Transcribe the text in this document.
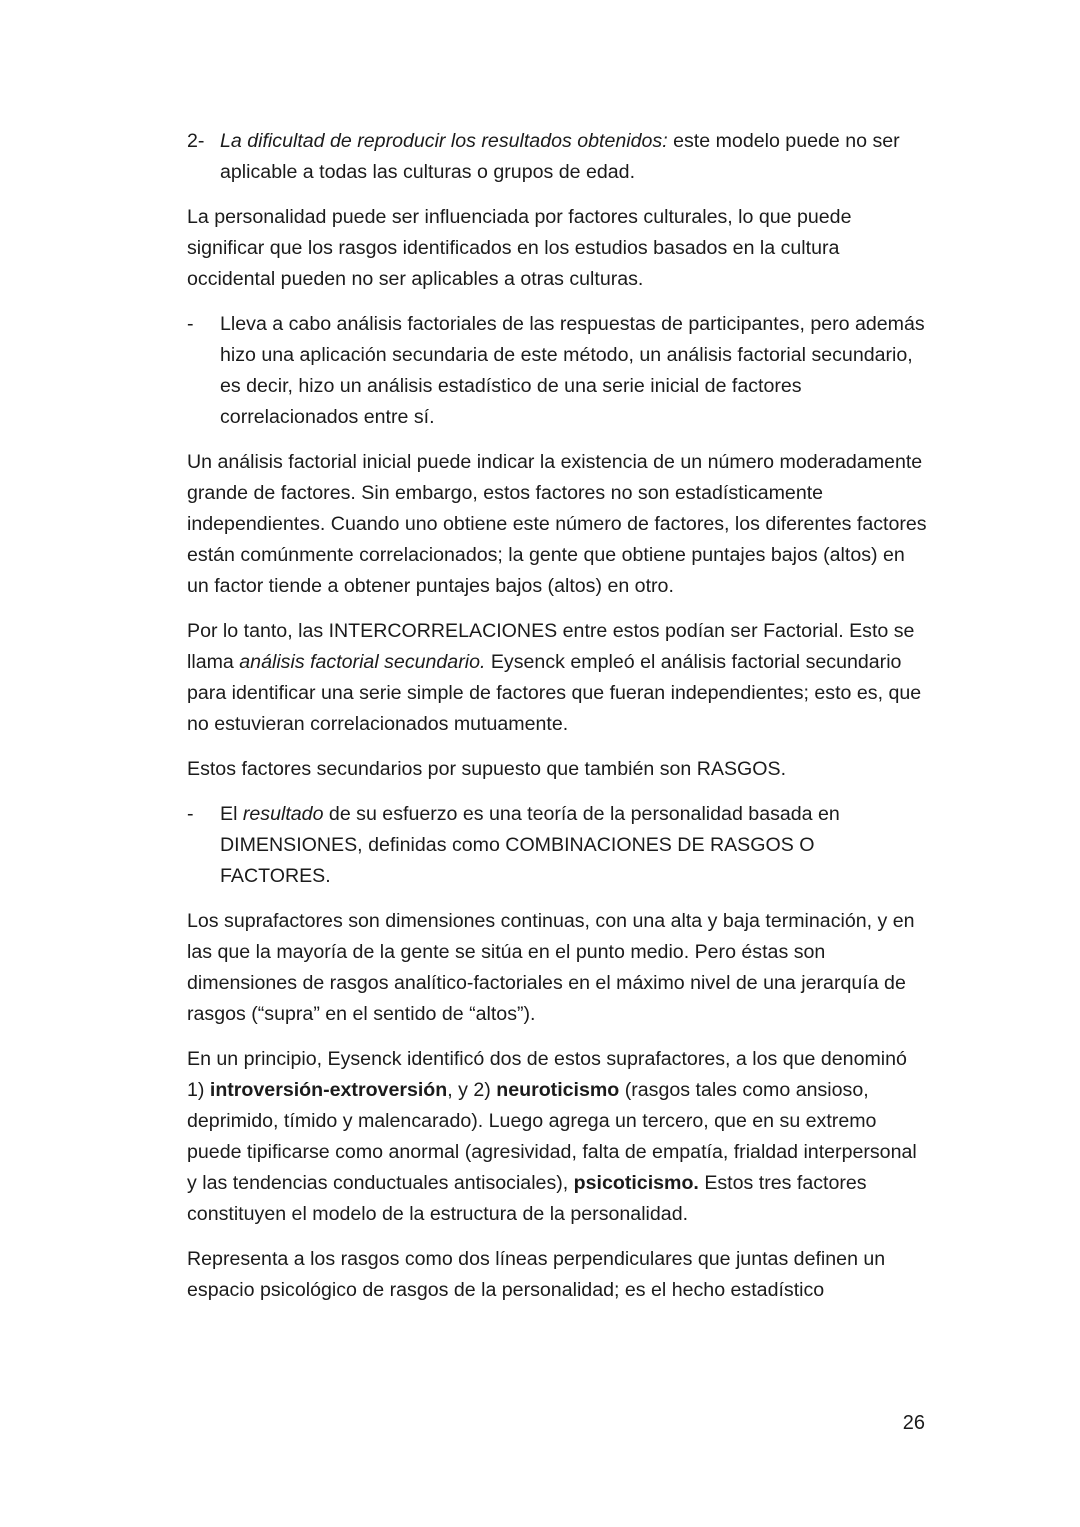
2- La dificultad de reproducir los resultados obtenidos: este modelo puede no ser aplicable a todas las culturas o grupos de edad.

La personalidad puede ser influenciada por factores culturales, lo que puede significar que los rasgos identificados en los estudios basados en la cultura occidental pueden no ser aplicables a otras culturas.

- Lleva a cabo análisis factoriales de las respuestas de participantes, pero además hizo una aplicación secundaria de este método, un análisis factorial secundario, es decir, hizo un análisis estadístico de una serie inicial de factores correlacionados entre sí.

Un análisis factorial inicial puede indicar la existencia de un número moderadamente grande de factores. Sin embargo, estos factores no son estadísticamente independientes. Cuando uno obtiene este número de factores, los diferentes factores están comúnmente correlacionados; la gente que obtiene puntajes bajos (altos) en un factor tiende a obtener puntajes bajos (altos) en otro.

Por lo tanto, las INTERCORRELACIONES entre estos podían ser Factorial. Esto se llama análisis factorial secundario. Eysenck empleó el análisis factorial secundario para identificar una serie simple de factores que fueran independientes; esto es, que no estuvieran correlacionados mutuamente.

Estos factores secundarios por supuesto que también son RASGOS.

- El resultado de su esfuerzo es una teoría de la personalidad basada en DIMENSIONES, definidas como COMBINACIONES DE RASGOS O FACTORES.

Los suprafactores son dimensiones continuas, con una alta y baja terminación, y en las que la mayoría de la gente se sitúa en el punto medio. Pero éstas son dimensiones de rasgos analítico-factoriales en el máximo nivel de una jerarquía de rasgos (“supra” en el sentido de “altos”).

En un principio, Eysenck identificó dos de estos suprafactores, a los que denominó 1) introversión-extroversión, y 2) neuroticismo (rasgos tales como ansioso, deprimido, tímido y malencarado). Luego agrega un tercero, que en su extremo puede tipificarse como anormal (agresividad, falta de empatía, frialdad interpersonal y las tendencias conductuales antisociales), psicoticismo. Estos tres factores constituyen el modelo de la estructura de la personalidad.

Representa a los rasgos como dos líneas perpendiculares que juntas definen un espacio psicológico de rasgos de la personalidad; es el hecho estadístico

26
